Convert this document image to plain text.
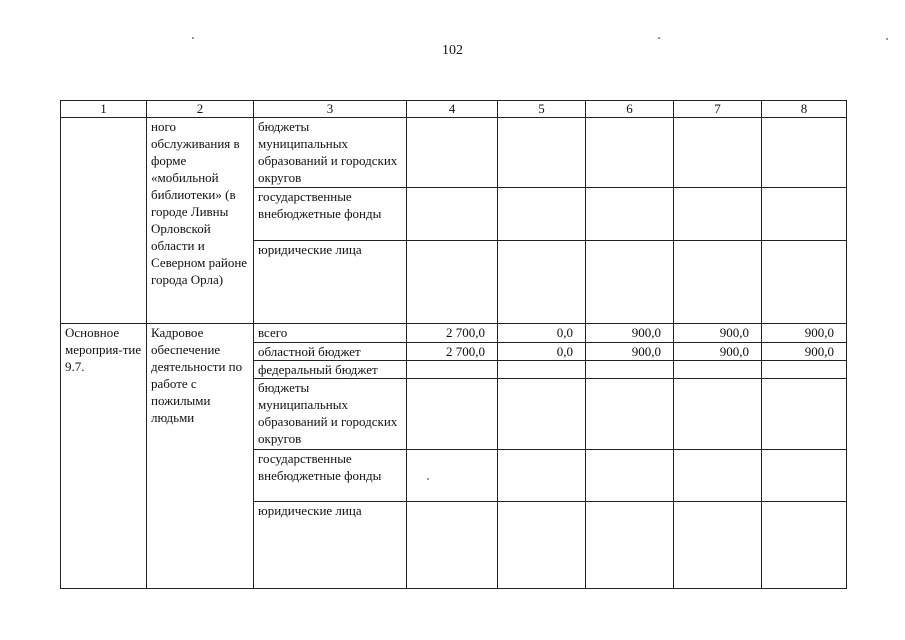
102
1	2	3	4	5	6	7	8
	ного обслуживания в форме «мобильной библиотеки» (в городе Ливны Орловской области и Северном районе города Орла)	бюджеты муниципальных образований и городских округов					
		государственные внебюджетные фонды					
		юридические лица					
Основное мероприя-тие 9.7.	Кадровое обеспечение деятельности по работе с пожилыми людьми	всего	2 700,0	0,0	900,0	900,0	900,0
		областной бюджет	2 700,0	0,0	900,0	900,0	900,0
		федеральный бюджет					
		бюджеты муниципальных образований и городских округов					
		государственные внебюджетные фонды					
		юридические лица					
